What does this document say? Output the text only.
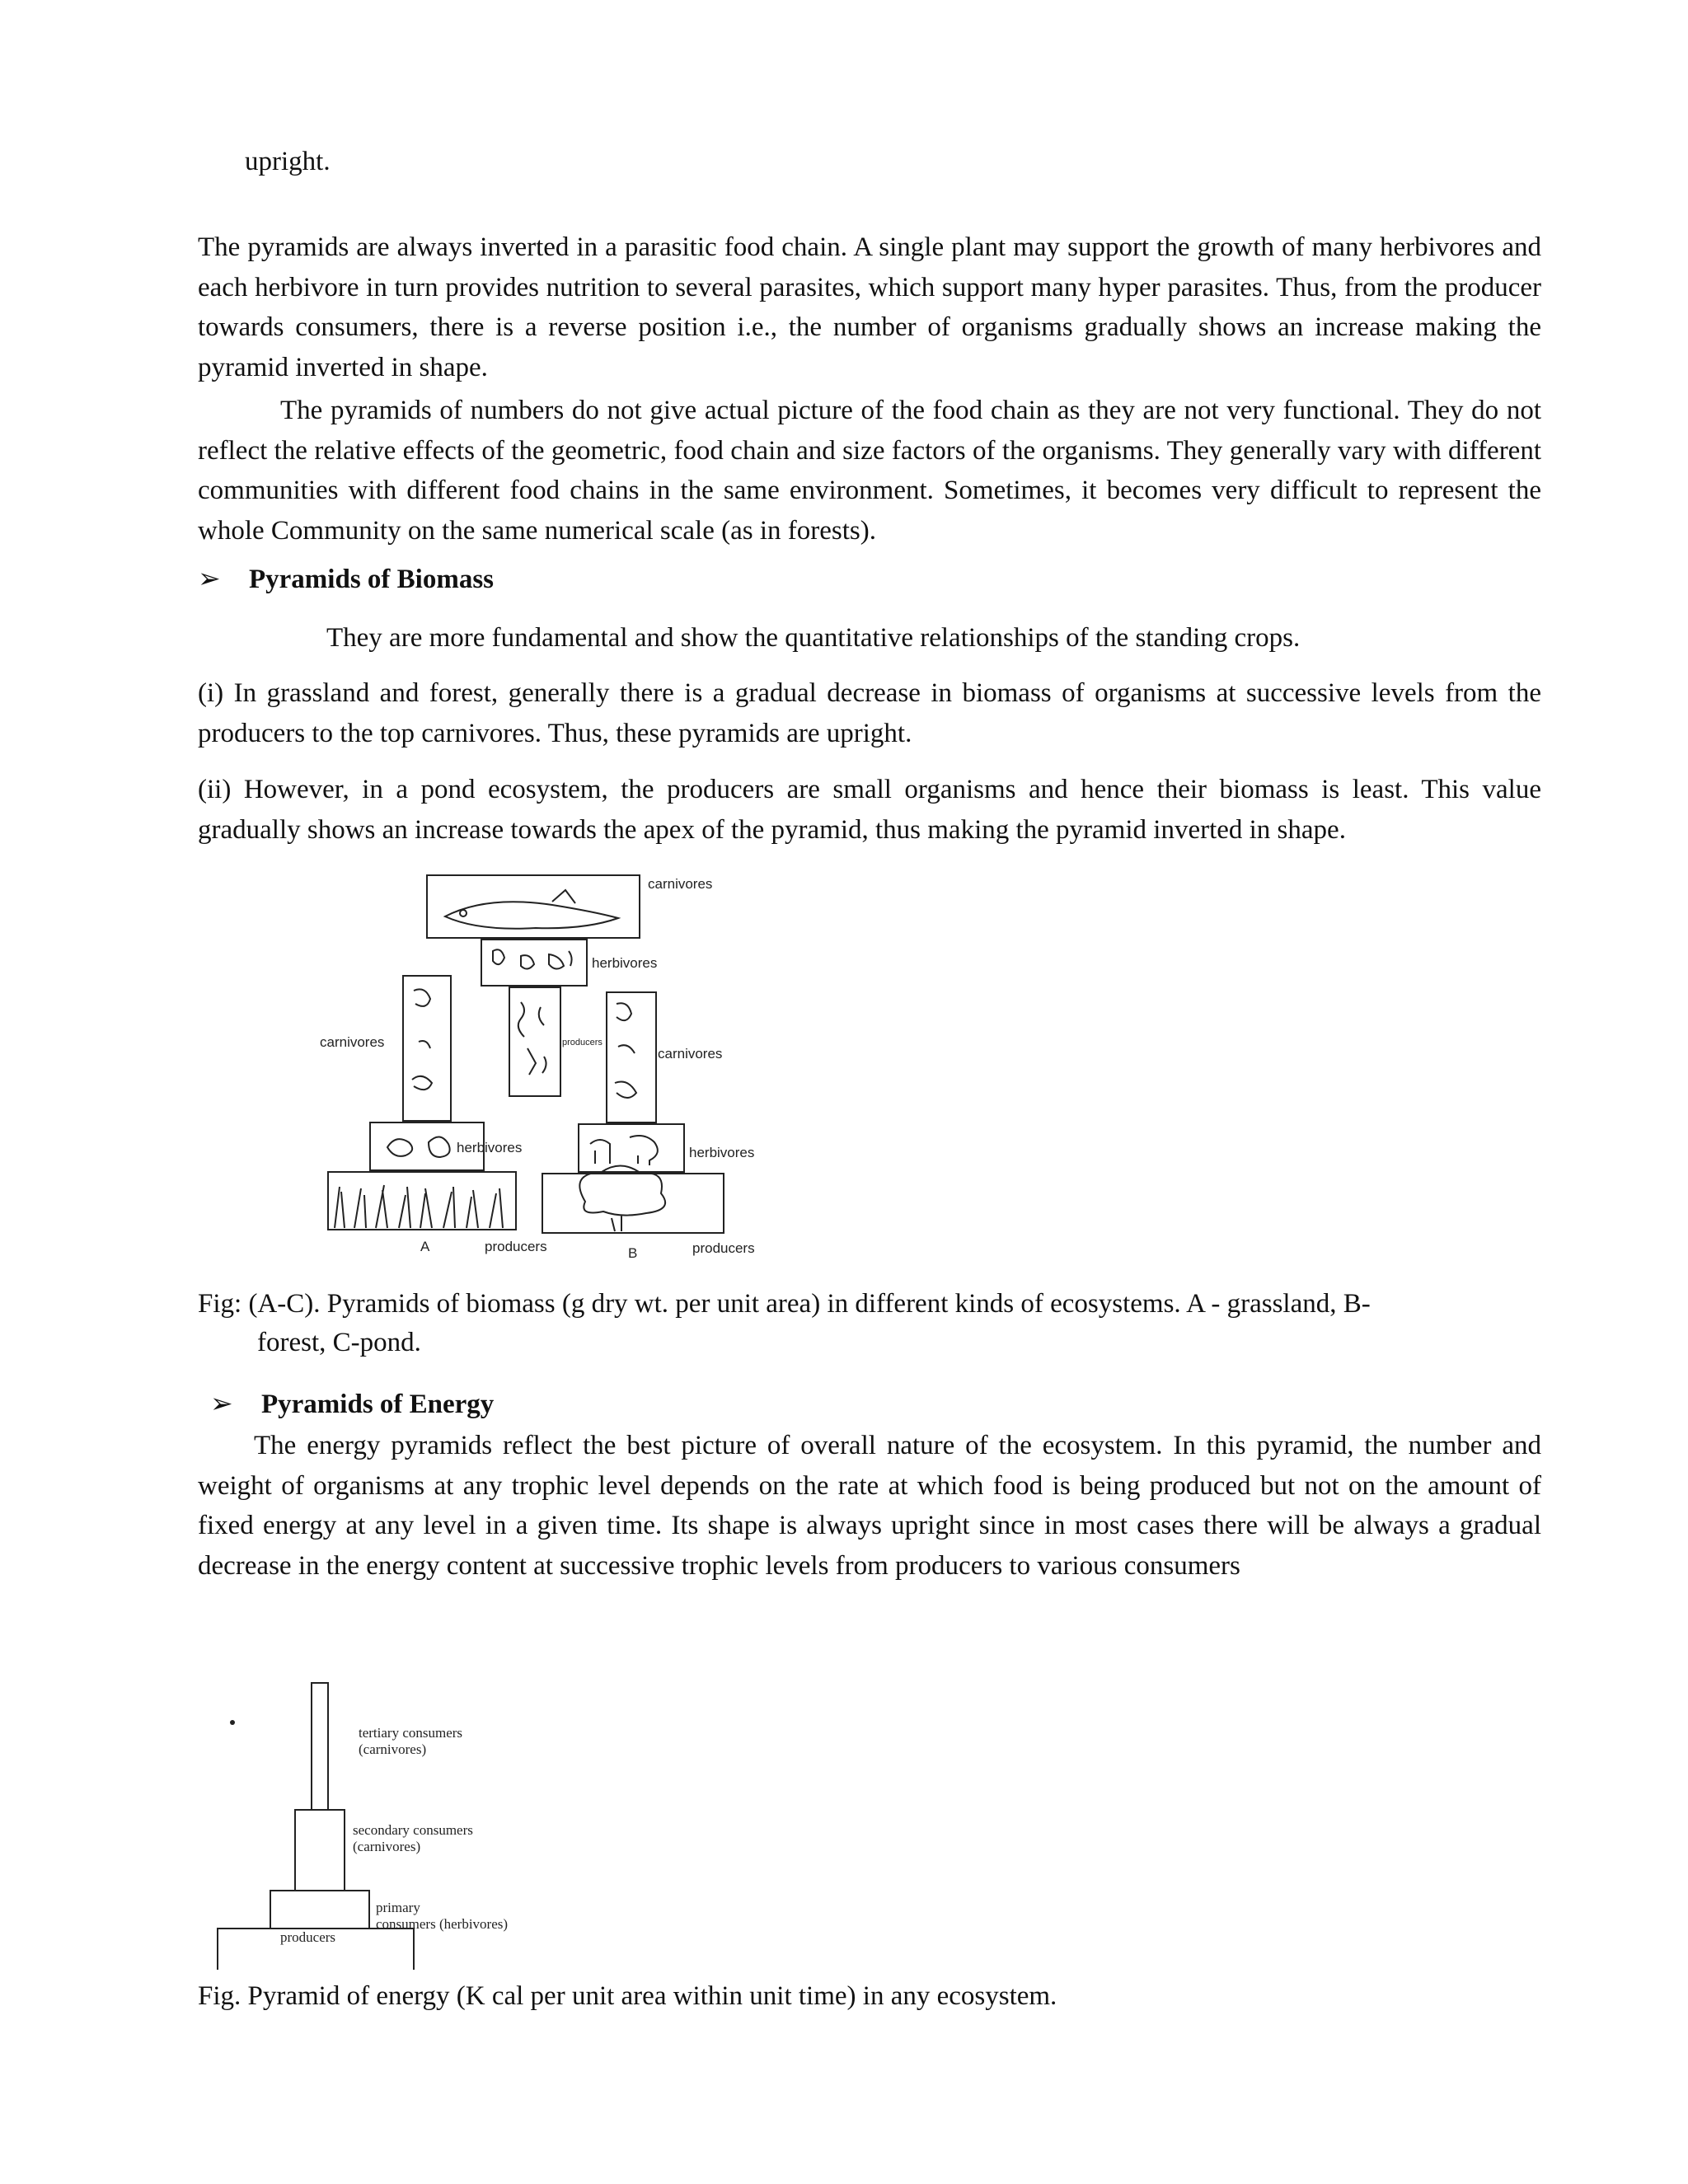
upright.

The pyramids are always inverted in a parasitic food chain. A single plant may support the growth of many herbivores and each herbivore in turn provides nutrition to several parasites, which support many hyper parasites. Thus, from the producer towards consumers, there is a reverse position i.e., the number of organisms gradually shows an increase making the pyramid inverted in shape.

The pyramids of numbers do not give actual picture of the food chain as they are not very functional. They do not reflect the relative effects of the geometric, food chain and size factors of the organisms. They generally vary with different communities with different food chains in the same environment. Sometimes, it becomes very difficult to represent the whole Community on the same numerical scale (as in forests).

➢ Pyramids of Biomass

They are more fundamental and show the quantitative relationships of the standing crops.

(i) In grassland and forest, generally there is a gradual decrease in biomass of organisms at successive levels from the producers to the top carnivores. Thus, these pyramids are upright.

(ii) However, in a pond ecosystem, the producers are small organisms and hence their biomass is least. This value gradually shows an increase towards the apex of the pyramid, thus making the pyramid inverted in shape.

carnivores
herbivores
producers
carnivores
herbivores
producers
A
carnivores
herbivores
producers
B

Fig: (A-C). Pyramids of biomass (g dry wt. per unit area) in different kinds of ecosystems. A - grassland, B-
forest, C-pond.

➢ Pyramids of Energy

The energy pyramids reflect the best picture of overall nature of the ecosystem. In this pyramid, the number and weight of organisms at any trophic level depends on the rate at which food is being produced but not on the amount of fixed energy at any level in a given time. Its shape is always upright since in most cases there will be always a gradual decrease in the energy content at successive trophic levels from producers to various consumers

tertiary consumers
(carnivores)
secondary consumers
(carnivores)
primary
consumers (herbivores)
producers

Fig. Pyramid of energy (K cal per unit area within unit time) in any ecosystem.
